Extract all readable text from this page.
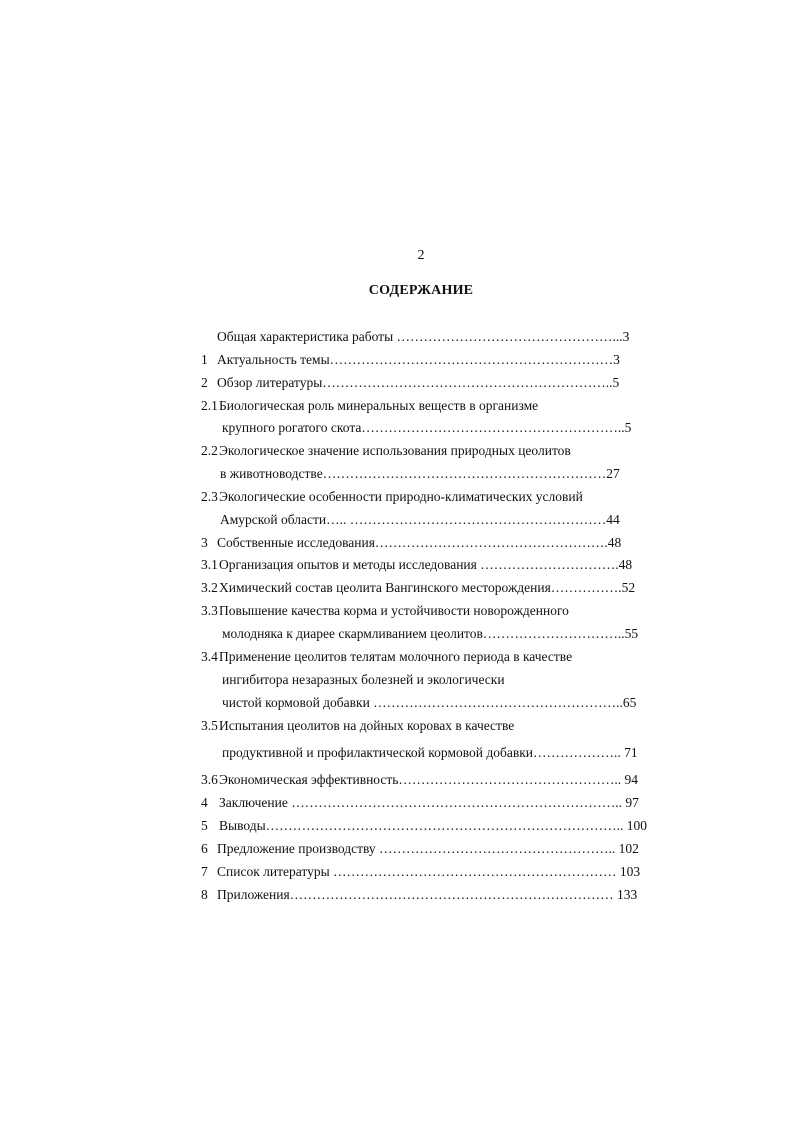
2
СОДЕРЖАНИЕ
Общая характеристика работы …………………………………………...3
1 Актуальность темы………………………………………………………3
2 Обзор литературы………………………………………………………..5
2.1 Биологическая роль минеральных веществ в организме
крупного рогатого скота…………………………………………………..5
2.2 Экологическое значение использования природных цеолитов
в животноводстве………………………………………………………27
2.3 Экологические особенности природно-климатических условий
Амурской области….. …………………………………………………44
3 Собственные исследования…………………………………………….48
3.1 Организация опытов и методы исследования ………………………….48
3.2 Химический состав цеолита Вангинского месторождения…………….52
3.3 Повышение качества корма и устойчивости новорожденного
молодняка к диарее скармливанием цеолитов…………………………..55
3.4 Применение цеолитов телятам молочного периода в качестве
ингибитора незаразных болезней и экологически
чистой кормовой добавки ………………………………………………..65
3.5 Испытания цеолитов на дойных коровах в качестве
продуктивной и профилактической кормовой добавки……………….. 71
3.6 Экономическая эффективность………………………………………….. 94
4 Заключение ……………………………………………………………….. 97
5 Выводы…………………………………………………………………….. 100
6 Предложение производству …………………………………………….. 102
7 Список литературы ……………………………………………………… 103
8 Приложения……………………………………………………………… 133
